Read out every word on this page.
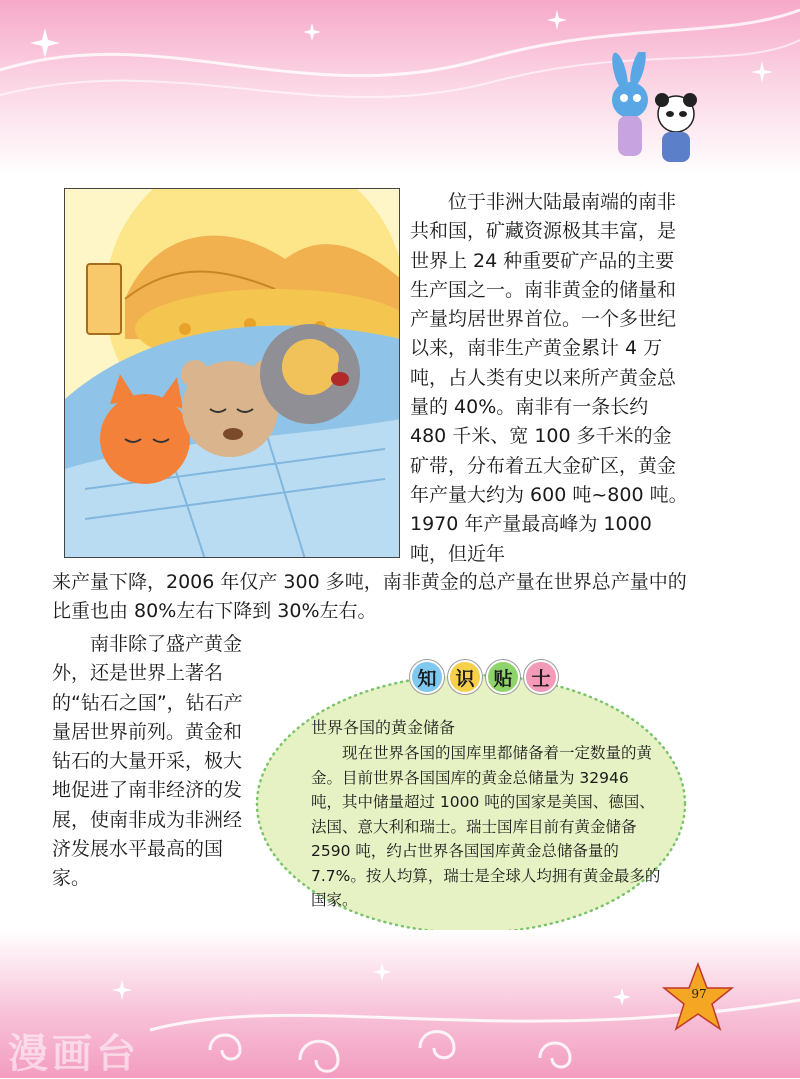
位于非洲大陆最南端的南非共和国，矿藏资源极其丰富，是世界上 24 种重要矿产品的主要生产国之一。南非黄金的储量和产量均居世界首位。一个多世纪以来，南非生产黄金累计 4 万吨，占人类有史以来所产黄金总量的 40%。南非有一条长约 480 千米、宽 100 多千米的金矿带，分布着五大金矿区，黄金年产量大约为 600 吨~800 吨。1970 年产量最高峰为 1000 吨，但近年

来产量下降，2006 年仅产 300 多吨，南非黄金的总产量在世界总产量中的比重也由 80%左右下降到 30%左右。

南非除了盛产黄金外，还是世界上著名的“钻石之国”，钻石产量居世界前列。黄金和钻石的大量开采，极大地促进了南非经济的发展，使南非成为非洲经济发展水平最高的国家。

知 识 贴 士

世界各国的黄金储备

现在世界各国的国库里都储备着一定数量的黄金。目前世界各国国库的黄金总储量为 32946 吨，其中储量超过 1000 吨的国家是美国、德国、法国、意大利和瑞士。瑞士国库目前有黄金储备 2590 吨，约占世界各国国库黄金总储备量的 7.7%。按人均算，瑞士是全球人均拥有黄金最多的国家。

97
漫画台
